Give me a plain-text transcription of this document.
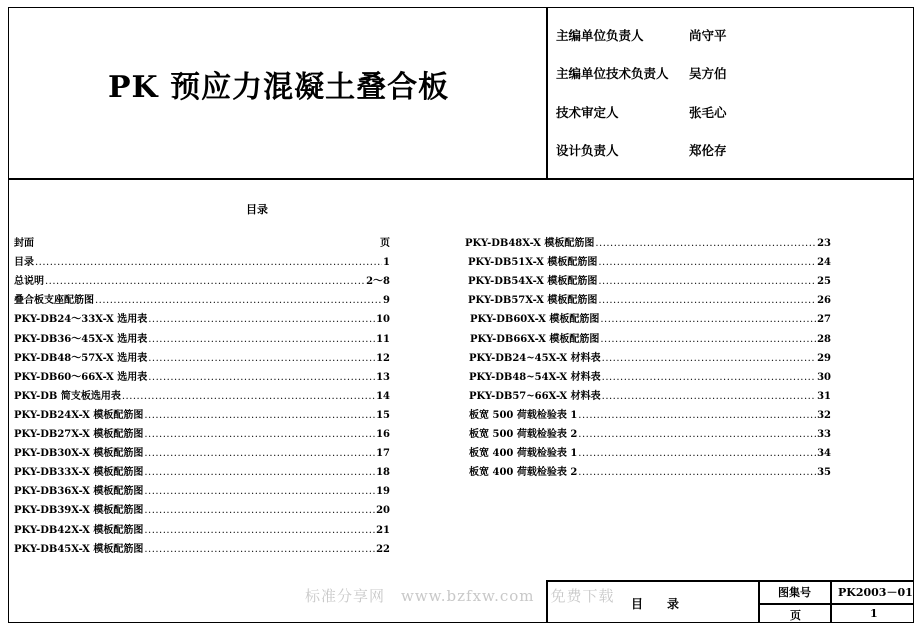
PK 预应力混凝土叠合板
主编单位负责人	尚守平
主编单位技术负责人 吴方伯
技术审定人	张毛心
设计负责人	郑伦存
目录
封面	页
目录 .....	1
总说明 .....	2～8
叠合板支座配筋图 .....	9
PKY-DB24～33X-X 选用表 .....	10
PKY-DB36～45X-X 选用表 .....	11
PKY-DB48～57X-X 选用表 .....	12
PKY-DB60～66X-X 选用表 .....	13
PKY-DB 简支板选用表 .....	14
PKY-DB24X-X 模板配筋图 .....	15
PKY-DB27X-X 模板配筋图 .....	16
PKY-DB30X-X 模板配筋图 .....	17
PKY-DB33X-X 模板配筋图 .....	18
PKY-DB36X-X 模板配筋图 .....	19
PKY-DB39X-X 模板配筋图 .....	20
PKY-DB42X-X 模板配筋图 .....	21
PKY-DB45X-X 模板配筋图 .....	22
PKY-DB48X-X 模板配筋图 .....	23
PKY-DB51X-X 模板配筋图 .....	24
PKY-DB54X-X 模板配筋图 .....	25
PKY-DB57X-X 模板配筋图 .....	26
PKY-DB60X-X 模板配筋图 .....	27
PKY-DB66X-X 模板配筋图 .....	28
PKY-DB24~45X-X 材料表 .....	29
PKY-DB48~54X-X 材料表 .....	30
PKY-DB57~66X-X 材料表 .....	31
板宽 500 荷载检验表 1 .....	32
板宽 500 荷载检验表 2 .....	33
板宽 400 荷载检验表 1 .....	34
板宽 400 荷载检验表 2 .....	35
目　　录
图集号 PK2003－01
页	1
标准分享网　www.bzfxw.com　免费下载
